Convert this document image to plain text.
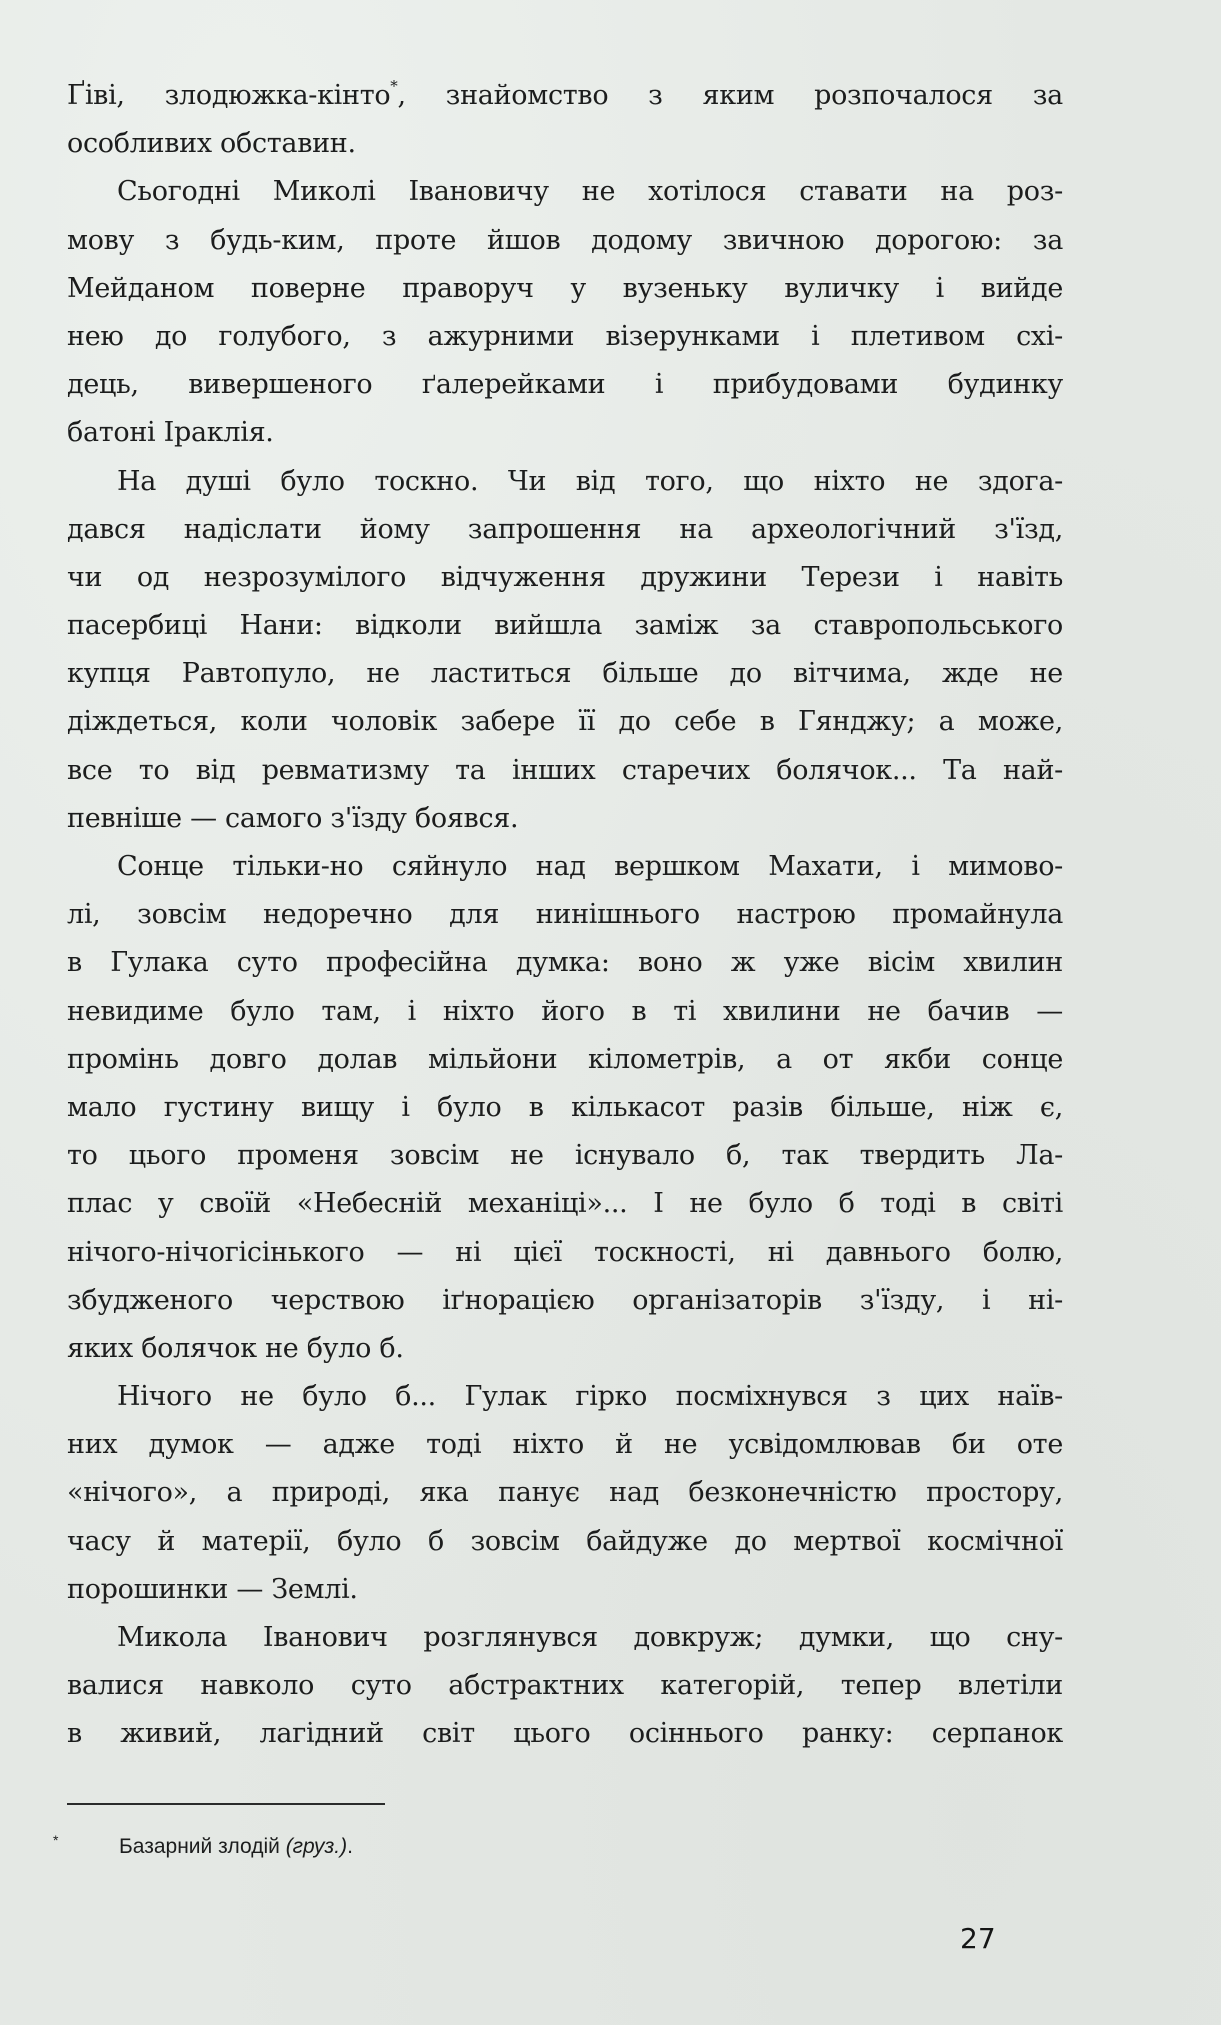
Ґіві, злодюжка-кінто*, знайомство з яким розпочалося за
особливих обставин.
Сьогодні Миколі Івановичу не хотілося ставати на роз-
мову з будь-ким, проте йшов додому звичною дорогою: за
Мейданом поверне праворуч у вузеньку вуличку і вийде
нею до голубого, з ажурними візерунками і плетивом схі-
дець, вивершеного ґалерейками і прибудовами будинку
батоні Іраклія.
На душі було тоскно. Чи від того, що ніхто не здога-
дався надіслати йому запрошення на археологічний з'їзд,
чи од незрозумілого відчуження дружини Терези і навіть
пасербиці Нани: відколи вийшла заміж за ставропольського
купця Равтопуло, не ластиться більше до вітчима, жде не
діждеться, коли чоловік забере її до себе в Гянджу; а може,
все то від ревматизму та інших старечих болячок... Та най-
певніше — самого з'їзду боявся.
Сонце тільки-но сяйнуло над вершком Махати, і мимово-
лі, зовсім недоречно для нинішнього настрою промайнула
в Гулака суто професійна думка: воно ж уже вісім хвилин
невидиме було там, і ніхто його в ті хвилини не бачив —
промінь довго долав мільйони кілометрів, а от якби сонце
мало густину вищу і було в кількасот разів більше, ніж є,
то цього променя зовсім не існувало б, так твердить Ла-
плас у своїй «Небесній механіці»... І не було б тоді в світі
нічого-нічогісінького — ні цієї тоскності, ні давнього болю,
збудженого черствою іґнорацією організаторів з'їзду, і ні-
яких болячок не було б.
Нічого не було б... Гулак гірко посміхнувся з цих наїв-
них думок — адже тоді ніхто й не усвідомлював би оте
«нічого», а природі, яка панує над безконечністю простору,
часу й матерії, було б зовсім байдуже до мертвої космічної
порошинки — Землі.
Микола Іванович розглянувся довкруж; думки, що сну-
валися навколо суто абстрактних категорій, тепер влетіли
в живий, лагідний світ цього осіннього ранку: серпанок
*	Базарний злодій (груз.).
27
